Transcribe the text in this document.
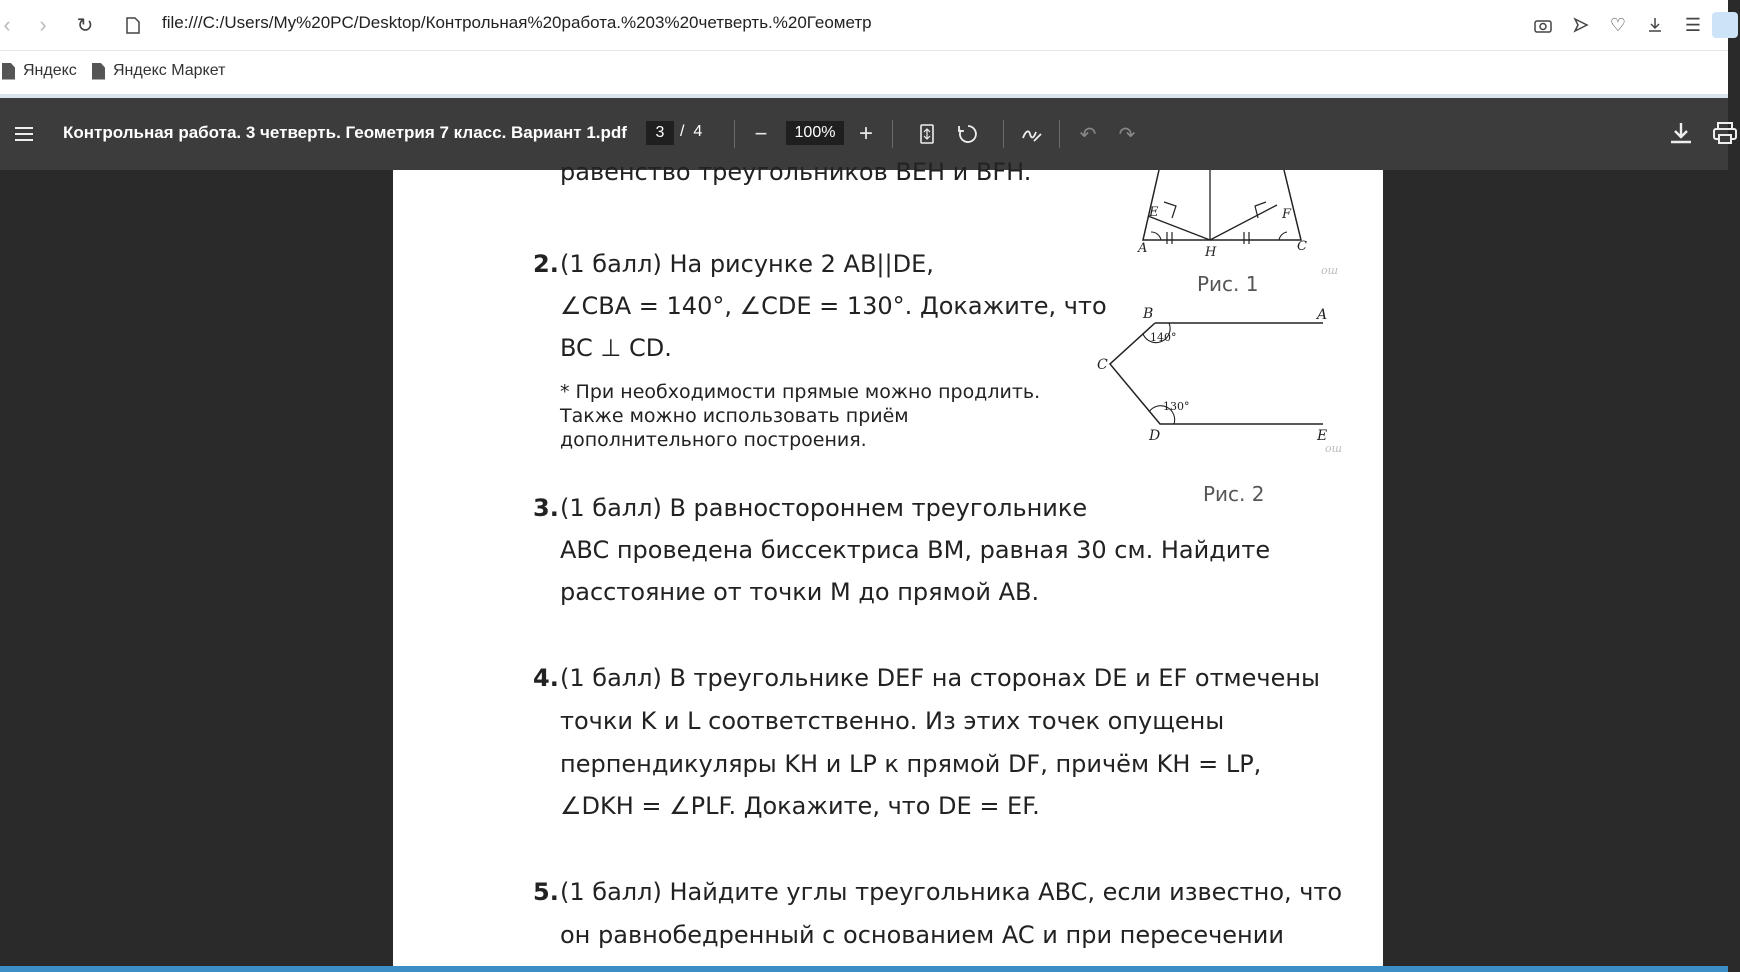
‹	›	↻	file:///C:/Users/My%20PC/Desktop/Контрольная%20работа.%203%20четверть.%20Геометр	♡	☰
Яндекс Яндекс Маркет
Контрольная работа. 3 четверть. Геометрия 7 класс. Вариант 1.pdf	3 / 4 −	100% +	↶ ↷
равенство треугольников BEH и BFH.
2. (1 балл) На рисунке 2 AB||DE,
∠CBA = 140°, ∠CDE = 130°. Докажите, что
BC ⊥ CD.
* При необходимости прямые можно продлить. Также можно использовать приём дополнительного построения.
3. (1 балл) В равностороннем треугольнике
ABC проведена биссектриса BM, равная 30 см. Найдите
расстояние от точки M до прямой AB.
4. (1 балл) В треугольнике DEF на сторонах DE и EF отмечены
точки K и L соответственно. Из этих точек опущены
перпендикуляры KH и LP к прямой DF, причём KH = LP,
∠DKH = ∠PLF. Докажите, что DE = EF.
5. (1 балл) Найдите углы треугольника ABC, если известно, что
он равнобедренный с основанием AC и при пересечении
E	F
A	H	C
ош
Рис. 1
B	A
C
D	E
140°
130°
ош
Рис. 2
